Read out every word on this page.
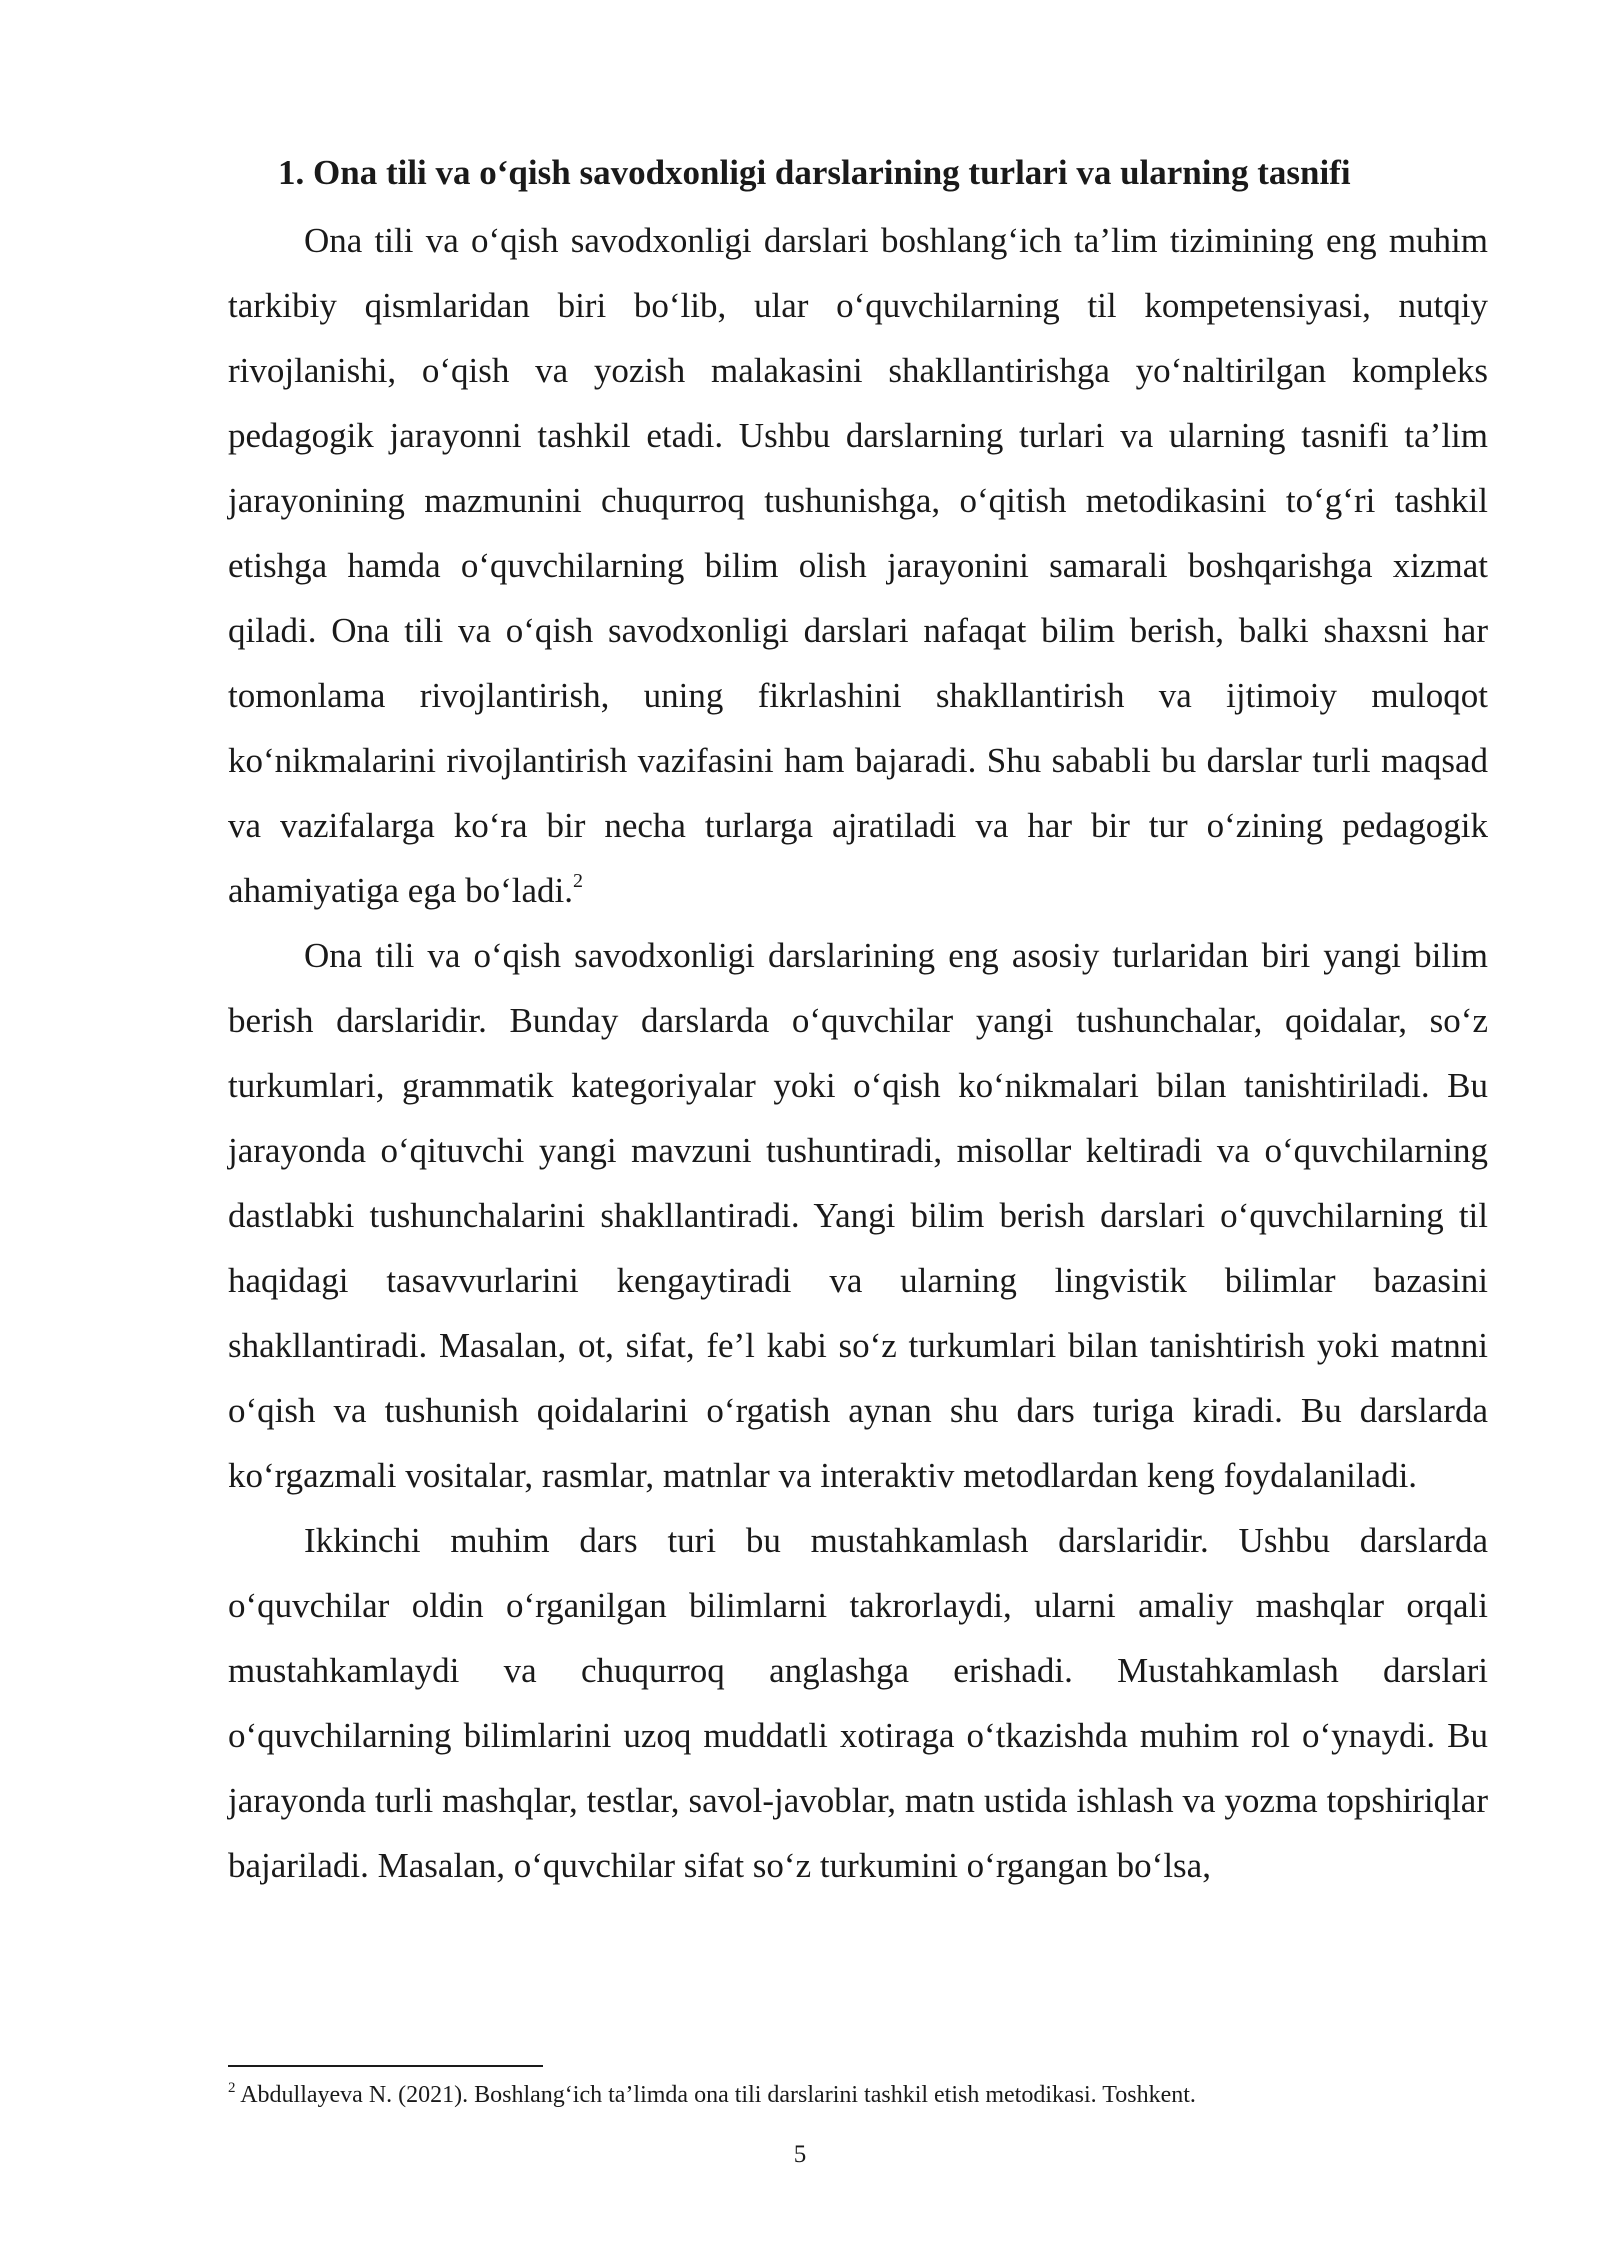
1. Ona tili va o‘qish savodxonligi darslarining turlari va ularning tasnifi

Ona tili va o‘qish savodxonligi darslari boshlang‘ich ta’lim tizimining eng muhim tarkibiy qismlaridan biri bo‘lib, ular o‘quvchilarning til kompetensiyasi, nutqiy rivojlanishi, o‘qish va yozish malakasini shakllantirishga yo‘naltirilgan kompleks pedagogik jarayonni tashkil etadi. Ushbu darslarning turlari va ularning tasnifi ta’lim jarayonining mazmunini chuqurroq tushunishga, o‘qitish metodikasini to‘g‘ri tashkil etishga hamda o‘quvchilarning bilim olish jarayonini samarali boshqarishga xizmat qiladi. Ona tili va o‘qish savodxonligi darslari nafaqat bilim berish, balki shaxsni har tomonlama rivojlantirish, uning fikrlashini shakllantirish va ijtimoiy muloqot ko‘nikmalarini rivojlantirish vazifasini ham bajaradi. Shu sababli bu darslar turli maqsad va vazifalarga ko‘ra bir necha turlarga ajratiladi va har bir tur o‘zining pedagogik ahamiyatiga ega bo‘ladi.$^2$

Ona tili va o‘qish savodxonligi darslarining eng asosiy turlaridan biri yangi bilim berish darslaridir. Bunday darslarda o‘quvchilar yangi tushunchalar, qoidalar, so‘z turkumlari, grammatik kategoriyalar yoki o‘qish ko‘nikmalari bilan tanishtiriladi. Bu jarayonda o‘qituvchi yangi mavzuni tushuntiradi, misollar keltiradi va o‘quvchilarning dastlabki tushunchalarini shakllantiradi. Yangi bilim berish darslari o‘quvchilarning til haqidagi tasavvurlarini kengaytiradi va ularning lingvistik bilimlar bazasini shakllantiradi. Masalan, ot, sifat, fe’l kabi so‘z turkumlari bilan tanishtirish yoki matnni o‘qish va tushunish qoidalarini o‘rgatish aynan shu dars turiga kiradi. Bu darslarda ko‘rgazmali vositalar, rasmlar, matnlar va interaktiv metodlardan keng foydalaniladi.

Ikkinchi muhim dars turi bu mustahkamlash darslaridir. Ushbu darslarda o‘quvchilar oldin o‘rganilgan bilimlarni takrorlaydi, ularni amaliy mashqlar orqali mustahkamlaydi va chuqurroq anglashga erishadi. Mustahkamlash darslari o‘quvchilarning bilimlarini uzoq muddatli xotiraga o‘tkazishda muhim rol o‘ynaydi. Bu jarayonda turli mashqlar, testlar, savol-javoblar, matn ustida ishlash va yozma topshiriqlar bajariladi. Masalan, o‘quvchilar sifat so‘z turkumini o‘rgangan bo‘lsa,

$^2$ Abdullayeva N. (2021). Boshlang‘ich ta’limda ona tili darslarini tashkil etish metodikasi. Toshkent.
5
